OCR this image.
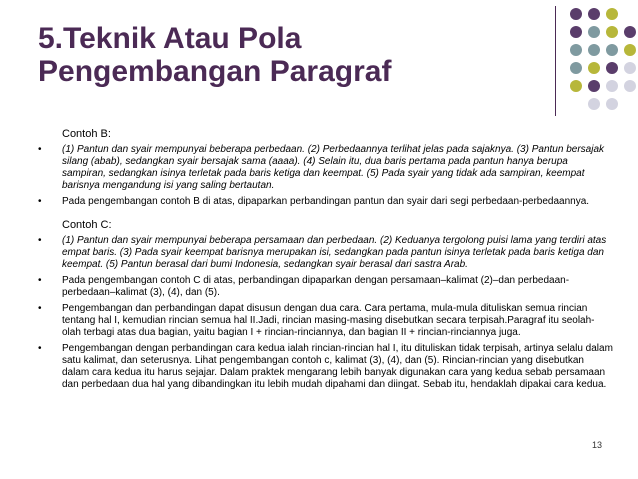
5.Teknik Atau Pola
Pengembangan Paragraf
Contoh B:
• (1) Pantun dan syair mempunyai beberapa perbedaan. (2) Perbedaannya terlihat jelas pada sajaknya. (3) Pantun bersajak silang (abab), sedangkan syair bersajak sama (aaaa). (4) Selain itu, dua baris pertama pada pantun hanya berupa sampiran, sedangkan isinya terletak pada baris ketiga dan keempat. (5) Pada syair yang tidak ada sampiran, keempat barisnya mengandung isi yang saling bertautan.
• Pada pengembangan contoh B di atas, dipaparkan perbandingan pantun dan syair dari segi perbedaan-perbedaannya.
Contoh C:
• (1) Pantun dan syair mempunyai beberapa persamaan dan perbedaan. (2) Keduanya tergolong puisi lama yang terdiri atas empat baris. (3) Pada syair keempat barisnya merupakan isi, sedangkan pada pantun isinya terletak pada baris ketiga dan keempat. (5) Pantun berasal dari bumi Indonesia, sedangkan syair berasal dari sastra Arab.
• Pada pengembangan contoh C di atas, perbandingan dipaparkan dengan persamaan–kalimat (2)–dan perbedaan-perbedaan–kalimat (3), (4), dan (5).
• Pengembangan dan perbandingan dapat disusun dengan dua cara. Cara pertama, mula-mula dituliskan semua rincian tentang hal I, kemudian rincian semua hal II.Jadi, rincian masing-masing disebutkan secara terpisah.Paragraf itu seolah-olah terbagi atas dua bagian, yaitu bagian I + rincian-rinciannya, dan bagian II + rincian-rinciannya juga.
• Pengembangan dengan perbandingan cara kedua ialah rincian-rincian hal I, itu dituliskan tidak terpisah, artinya selalu dalam satu kalimat, dan seterusnya. Lihat pengembangan contoh c, kalimat (3), (4), dan (5). Rincian-rincian yang disebutkan dalam cara kedua itu harus sejajar. Dalam praktek mengarang lebih banyak digunakan cara yang kedua sebab persamaan dan perbedaan dua hal yang dibandingkan itu lebih mudah dipahami dan diingat. Sebab itu, hendaklah dipakai cara kedua.
13
